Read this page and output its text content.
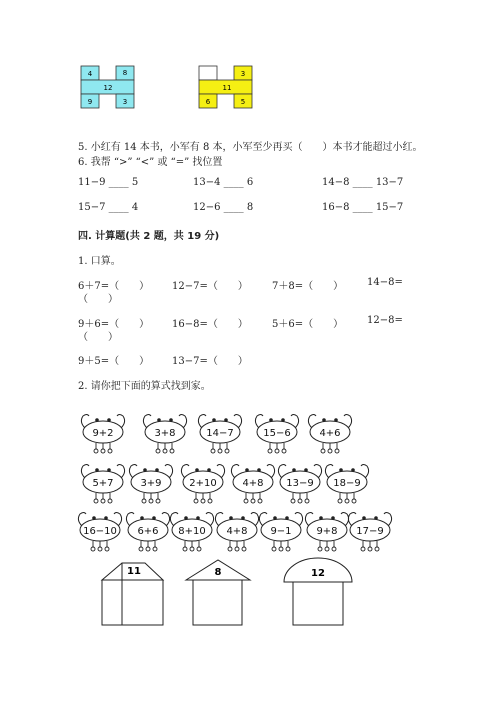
4	8
12
9	3
3
11
6	5
5. 小红有 14 本书，小军有 8 本，小军至少再买（　　）本书才能超过小红。
6. 我帮 “>” “<” 或 “=” 找位置
11−9 ____ 5	13−4 ____ 6	14−8 ____ 13−7
15−7 ____ 4	12−6 ____ 8	16−8 ____ 15−7
四. 计算题(共 2 题，共 19 分)
1. 口算。
6＋7=（　　） 12−7=（　　） 7＋8=（　　） 14−8=
（　　）
9＋6=（　　） 16−8=（　　） 5＋6=（　　） 12−8=
（　　）
9＋5=（　　） 13−7=（　　）
2. 请你把下面的算式找到家。
9+2	3+8	14−7	15−6	4+6
5+7	3+9	2+10	4+8 13−9 18−9
16−10 6+6 8+10 4+8 9−1 9+8 17−9
11	8	12
